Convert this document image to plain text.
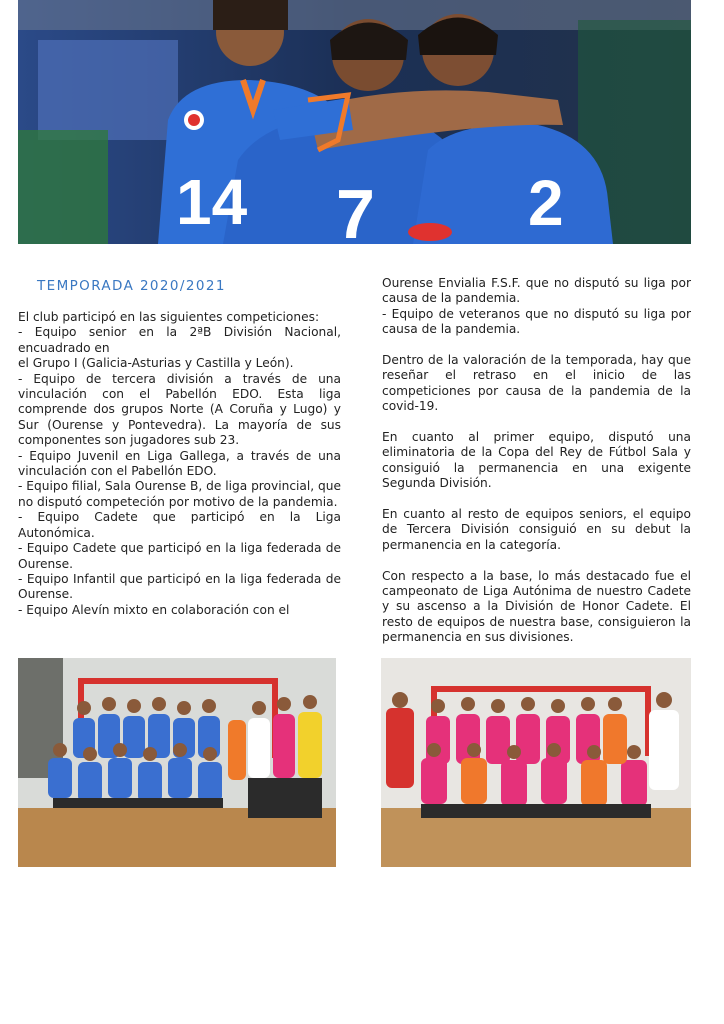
14 7 2
TEMPORADA 2020/2021

El club participó en las siguientes competiciones:

- Equipo senior en la 2ªB División Nacional, encuadrado en

el Grupo I (Galicia-Asturias y Castilla y León).

- Equipo de tercera división a través de una vinculación con el Pabellón EDO. Esta liga comprende dos grupos Norte (A Coruña y Lugo) y Sur (Ourense y Pontevedra). La mayoría de sus componentes son jugadores sub 23.

- Equipo Juvenil en Liga Gallega, a través de una vinculación con el Pabellón EDO.

- Equipo filial, Sala Ourense B, de liga provincial, que no disputó competeción por motivo de la pandemia.

- Equipo Cadete que participó en la Liga Autonómica.

- Equipo Cadete que participó en la liga federada de Ourense.

- Equipo Infantil que participó en la liga federada de Ourense.

- Equipo Alevín mixto en colaboración con el

Ourense Envialia F.S.F. que no disputó su liga por causa de la pandemia.

- Equipo de veteranos que no disputó su liga por causa de la pandemia.

Dentro de la valoración de la temporada, hay que reseñar el retraso en el inicio de las competiciones por causa de la pandemia de la covid-19.

En cuanto al primer equipo, disputó una eliminatoria de la Copa del Rey de Fútbol Sala y consiguió la permanencia en una exigente Segunda División.

En cuanto al resto de equipos seniors, el equipo de Tercera División consiguió en su debut la permanencia en la categoría.

Con respecto a la base, lo más destacado fue el campeonato de Liga Autónima de nuestro Cadete y su ascenso a la División de Honor Cadete. El resto de equipos de nuestra base, consiguieron la permanencia en sus divisiones.
